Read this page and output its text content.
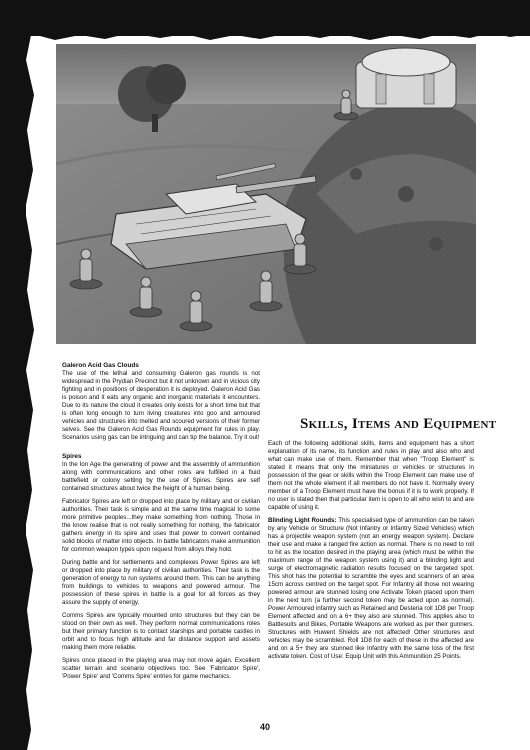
Skills, Items and Equipment
Galeron Acid Gas Clouds

The use of the lethal and consuming Galeron gas rounds is not widespread in the Prydian Precinct but it not unknown and in vicious city fighting and in positions of desperation it is deployed. Galeron Acid Gas is poison and it eats any organic and inorganic materials it encounters. Due to its nature the cloud it creates only exists for a short time but that is often long enough to turn living creatures into goo and armoured vehicles and structures into melted and scoured versions of their former selves. See the Galeron Acid Gas Rounds equipment for rules in play. Scenarios using gas can be intriguing and can tip the balance. Try it out!

Spires

In the Ion Age the generating of power and the assembly of ammunition along with communications and other roles are fulfilled in a fluid battlefield or colony setting by the use of Spires. Spires are self contained structures about twice the height of a human being.

Fabricator Spires are left or dropped into place by military and or civilian authorities. Their task is simple and at the same time magical to some more primitive peoples...they make something from nothing. Those in the know realise that is not really something for nothing, the fabricator gathers energy in its spire and uses that power to convert contained solid blocks of matter into objects. In battle fabricators make ammunition for common weapon types upon request from alloys they hold.

During battle and for settlements and complexes Power Spires are left or dropped into place by military of civilian authorities. Their task is the generation of energy to run systems around them. This can be anything from buildings to vehicles to weapons and powered armour. The possession of these spires in battle is a goal for all forces as they assure the supply of energy.

Comms Spires are typically mounted onto structures but they can be stood on their own as well. They perform normal communications roles but their primary function is to contact starships and portable castles in orbit and to focus high altitude and far distance support and assets making them more reliable.

Spires once placed in the playing area may not move again. Excellent scatter terrain and scenario objectives too. See 'Fabricator Spire', 'Power Spire' and 'Comms Spire' entries for game mechanics.

Each of the following additional skills, items and equipment has a short explanation of its name, its function and rules in play and also who and what can make use of them. Remember that when "Troop Element" is stated it means that only the miniatures or vehicles or structures in possession of the gear or skills within the Troop Element can make use of them not the whole element if all members do not have it. Normally every member of a Troop Element must have the bonus if it is to work properly. If no user is stated then that particular item is open to all who wish to and are capable of using it.

Blinding Light Rounds: This specialised type of ammunition can be taken by any Vehicle or Structure (Not Infantry or Infantry Sized Vehicles) which has a projectile weapon system (not an energy weapon system). Declare their use and make a ranged fire action as normal. There is no need to roll to hit as the location desired in the playing area (which must be within the maximum range of the weapon system using it) and a blinding light and surge of electromagnetic radiation results focused on the targeted spot. This shot has the potential to scramble the eyes and scanners of an area 15cm across centred on the target spot. For Infantry all those not wearing powered armour are stunned losing one Activate Token placed upon them in the next turn (a further second token may be acted upon as normal). Power Armoured infantry such as Retained and Desteria roll 1D8 per Troop Element affected and on a 6+ they also are stunned. This applies also to Battlesuits and Bikes, Portable Weapons are worked as per their gunners. Structures with Huwent Shields are not affected! Other structures and vehicles may be scrambled. Roll 1D8 for each of these in the affected are and on a 5+ they are stunned like Infantry with the same loss of the first activate token. Cost of Use: Equip Unit with this Ammunition 25 Points.

40
